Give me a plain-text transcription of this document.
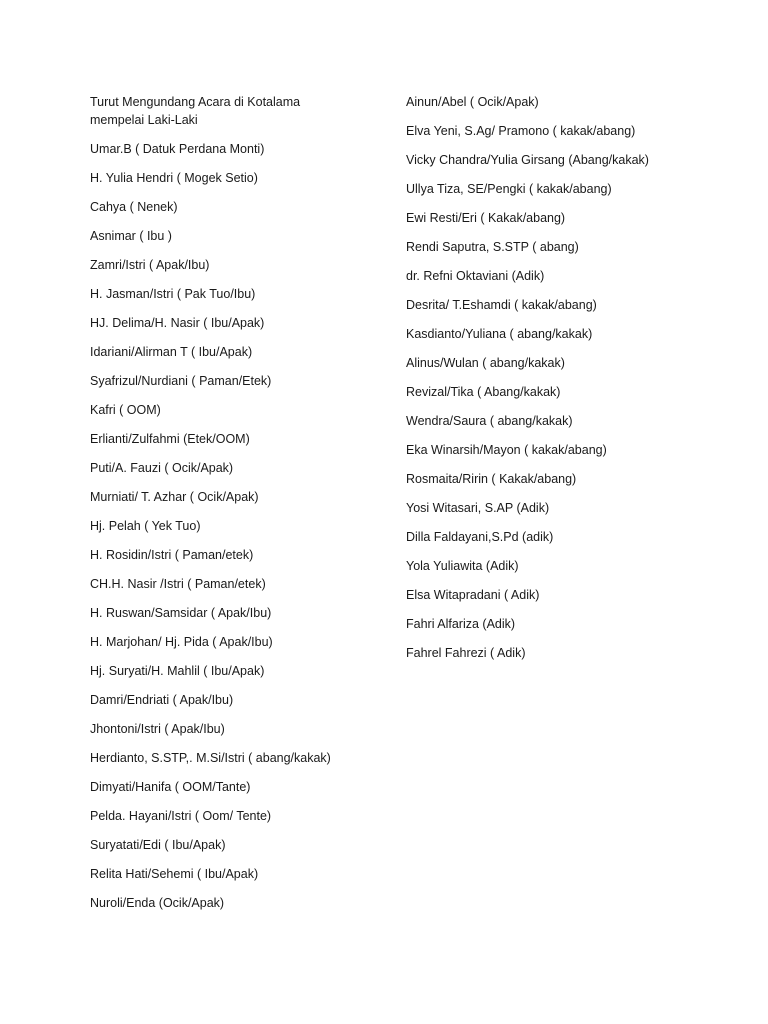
Turut Mengundang Acara di Kotalama
mempelai Laki-Laki
Umar.B ( Datuk Perdana Monti)
H. Yulia Hendri ( Mogek Setio)
Cahya ( Nenek)
Asnimar ( Ibu )
Zamri/Istri ( Apak/Ibu)
H. Jasman/Istri ( Pak Tuo/Ibu)
HJ. Delima/H. Nasir ( Ibu/Apak)
Idariani/Alirman T ( Ibu/Apak)
Syafrizul/Nurdiani ( Paman/Etek)
Kafri ( OOM)
Erlianti/Zulfahmi (Etek/OOM)
Puti/A. Fauzi ( Ocik/Apak)
Murniati/ T. Azhar ( Ocik/Apak)
Hj. Pelah ( Yek Tuo)
H. Rosidin/Istri ( Paman/etek)
CH.H. Nasir /Istri ( Paman/etek)
H. Ruswan/Samsidar ( Apak/Ibu)
H. Marjohan/ Hj. Pida ( Apak/Ibu)
Hj. Suryati/H. Mahlil ( Ibu/Apak)
Damri/Endriati ( Apak/Ibu)
Jhontoni/Istri ( Apak/Ibu)
Herdianto, S.STP,. M.Si/Istri ( abang/kakak)
Dimyati/Hanifa ( OOM/Tante)
Pelda. Hayani/Istri ( Oom/ Tente)
Suryatati/Edi ( Ibu/Apak)
Relita Hati/Sehemi ( Ibu/Apak)
Nuroli/Enda (Ocik/Apak)
Ainun/Abel ( Ocik/Apak)
Elva Yeni, S.Ag/ Pramono ( kakak/abang)
Vicky Chandra/Yulia Girsang (Abang/kakak)
Ullya Tiza, SE/Pengki ( kakak/abang)
Ewi Resti/Eri ( Kakak/abang)
Rendi Saputra, S.STP ( abang)
dr. Refni Oktaviani (Adik)
Desrita/ T.Eshamdi ( kakak/abang)
Kasdianto/Yuliana ( abang/kakak)
Alinus/Wulan ( abang/kakak)
Revizal/Tika ( Abang/kakak)
Wendra/Saura ( abang/kakak)
Eka Winarsih/Mayon ( kakak/abang)
Rosmaita/Ririn ( Kakak/abang)
Yosi Witasari, S.AP (Adik)
Dilla Faldayani,S.Pd (adik)
Yola Yuliawita (Adik)
Elsa Witapradani ( Adik)
Fahri Alfariza (Adik)
Fahrel Fahrezi ( Adik)
